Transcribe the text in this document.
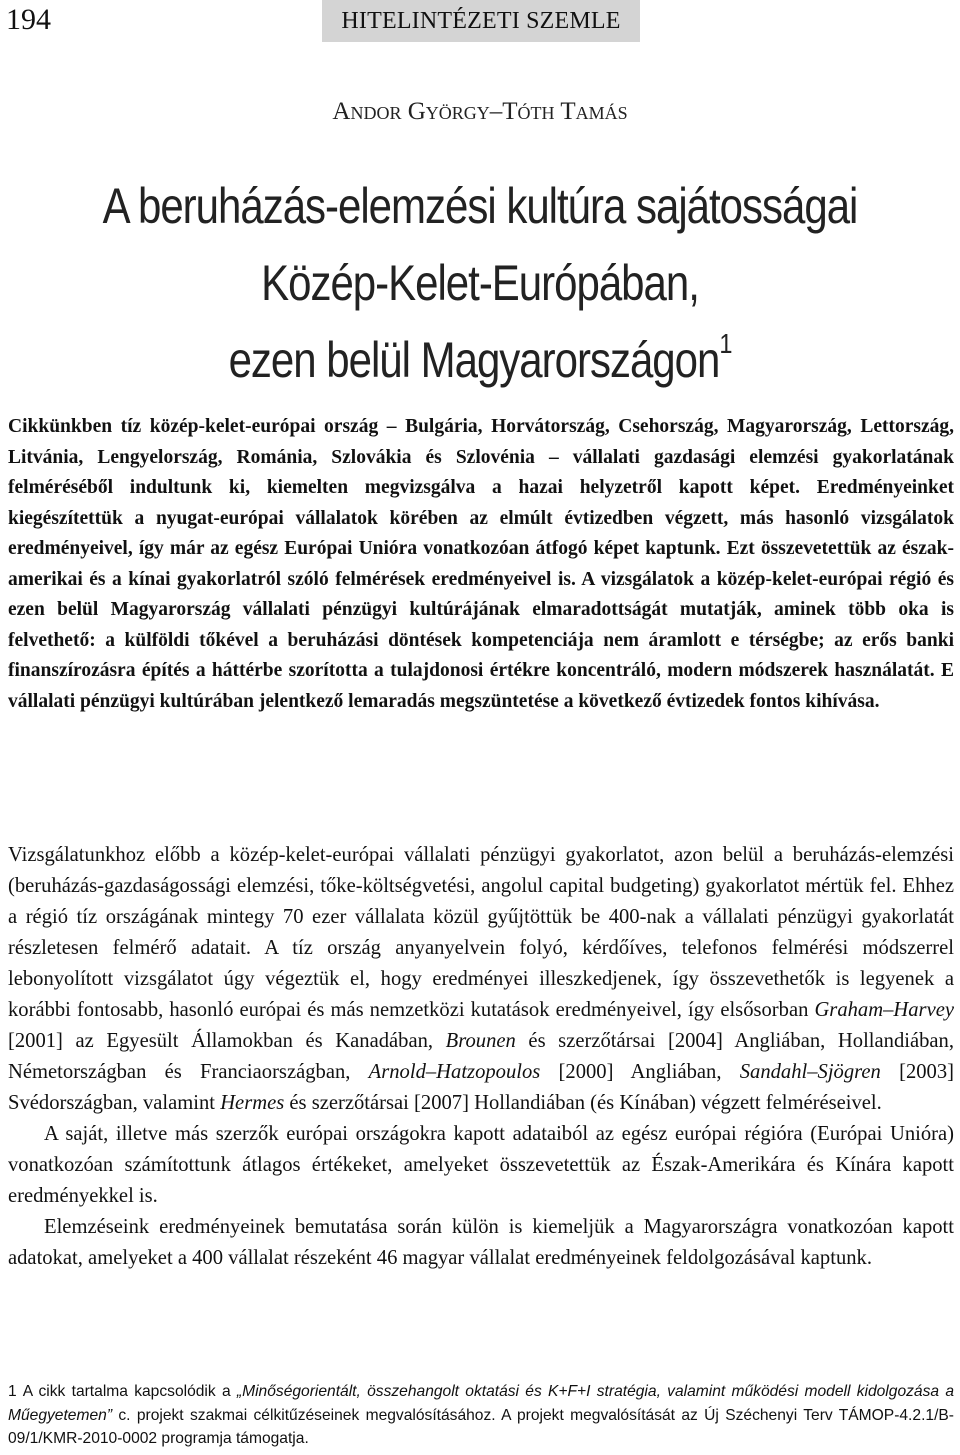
194	HITELINTÉZETI SZEMLE
Andor György–Tóth Tamás
A beruházás-elemzési kultúra sajátosságai
Közép-Kelet-Európában,
ezen belül Magyarországon$^1$
Cikkünkben tíz közép-kelet-európai ország – Bulgária, Horvátország, Csehország, Magyarország, Lettország, Litvánia, Lengyelország, Románia, Szlovákia és Szlovénia – vállalati gazdasági elemzési gyakorlatának felméréséből indultunk ki, kiemelten megvizsgálva a hazai helyzetről kapott képet. Eredményeinket kiegészítettük a nyugat-európai vállalatok körében az elmúlt évtizedben végzett, más hasonló vizsgálatok eredményeivel, így már az egész Európai Unióra vonatkozóan átfogó képet kaptunk. Ezt összevetettük az észak-amerikai és a kínai gyakorlatról szóló felmérések eredményeivel is. A vizsgálatok a közép-kelet-európai régió és ezen belül Magyarország vállalati pénzügyi kultúrájának elmaradottságát mutatják, aminek több oka is felvethető: a külföldi tőkével a beruházási döntések kompetenciája nem áramlott e térségbe; az erős banki finanszírozásra építés a háttérbe szorította a tulajdonosi értékre koncentráló, modern módszerek használatát. E vállalati pénzügyi kultúrában jelentkező lemaradás megszüntetése a következő évtizedek fontos kihívása.

Vizsgálatunkhoz előbb a közép-kelet-európai vállalati pénzügyi gyakorlatot, azon belül a beruházás-elemzési (beruházás-gazdaságossági elemzési, tőke-költségvetési, angolul capital budgeting) gyakorlatot mértük fel. Ehhez a régió tíz országának mintegy 70 ezer vállalata közül gyűjtöttük be 400-nak a vállalati pénzügyi gyakorlatát részletesen felmérő adatait. A tíz ország anyanyelvein folyó, kérdőíves, telefonos felmérési módszerrel lebonyolított vizsgálatot úgy végeztük el, hogy eredményei illeszkedjenek, így összevethetők is legyenek a korábbi fontosabb, hasonló európai és más nemzetközi kutatások eredményeivel, így elsősorban Graham–Harvey [2001] az Egyesült Államokban és Kanadában, Brounen és szerzőtársai [2004] Angliában, Hollandiában, Németországban és Franciaországban, Arnold–Hatzopoulos [2000] Angliában, Sandahl–Sjögren [2003] Svédországban, valamint Hermes és szerzőtársai [2007] Hollandiában (és Kínában) végzett felméréseivel.

A saját, illetve más szerzők európai országokra kapott adataiból az egész európai régióra (Európai Unióra) vonatkozóan számítottunk átlagos értékeket, amelyeket összevetettük az Észak-Amerikára és Kínára kapott eredményekkel is.

Elemzéseink eredményeinek bemutatása során külön is kiemeljük a Magyarországra vonatkozóan kapott adatokat, amelyeket a 400 vállalat részeként 46 magyar vállalat eredményeinek feldolgozásával kaptunk.

1 A cikk tartalma kapcsolódik a „Minőségorientált, összehangolt oktatási és K+F+I stratégia, valamint működési modell kidolgozása a Műegyetemen” c. projekt szakmai célkitűzéseinek megvalósításához. A projekt megvalósítását az Új Széchenyi Terv TÁMOP-4.2.1/B-09/1/KMR-2010-0002 programja támogatja.
